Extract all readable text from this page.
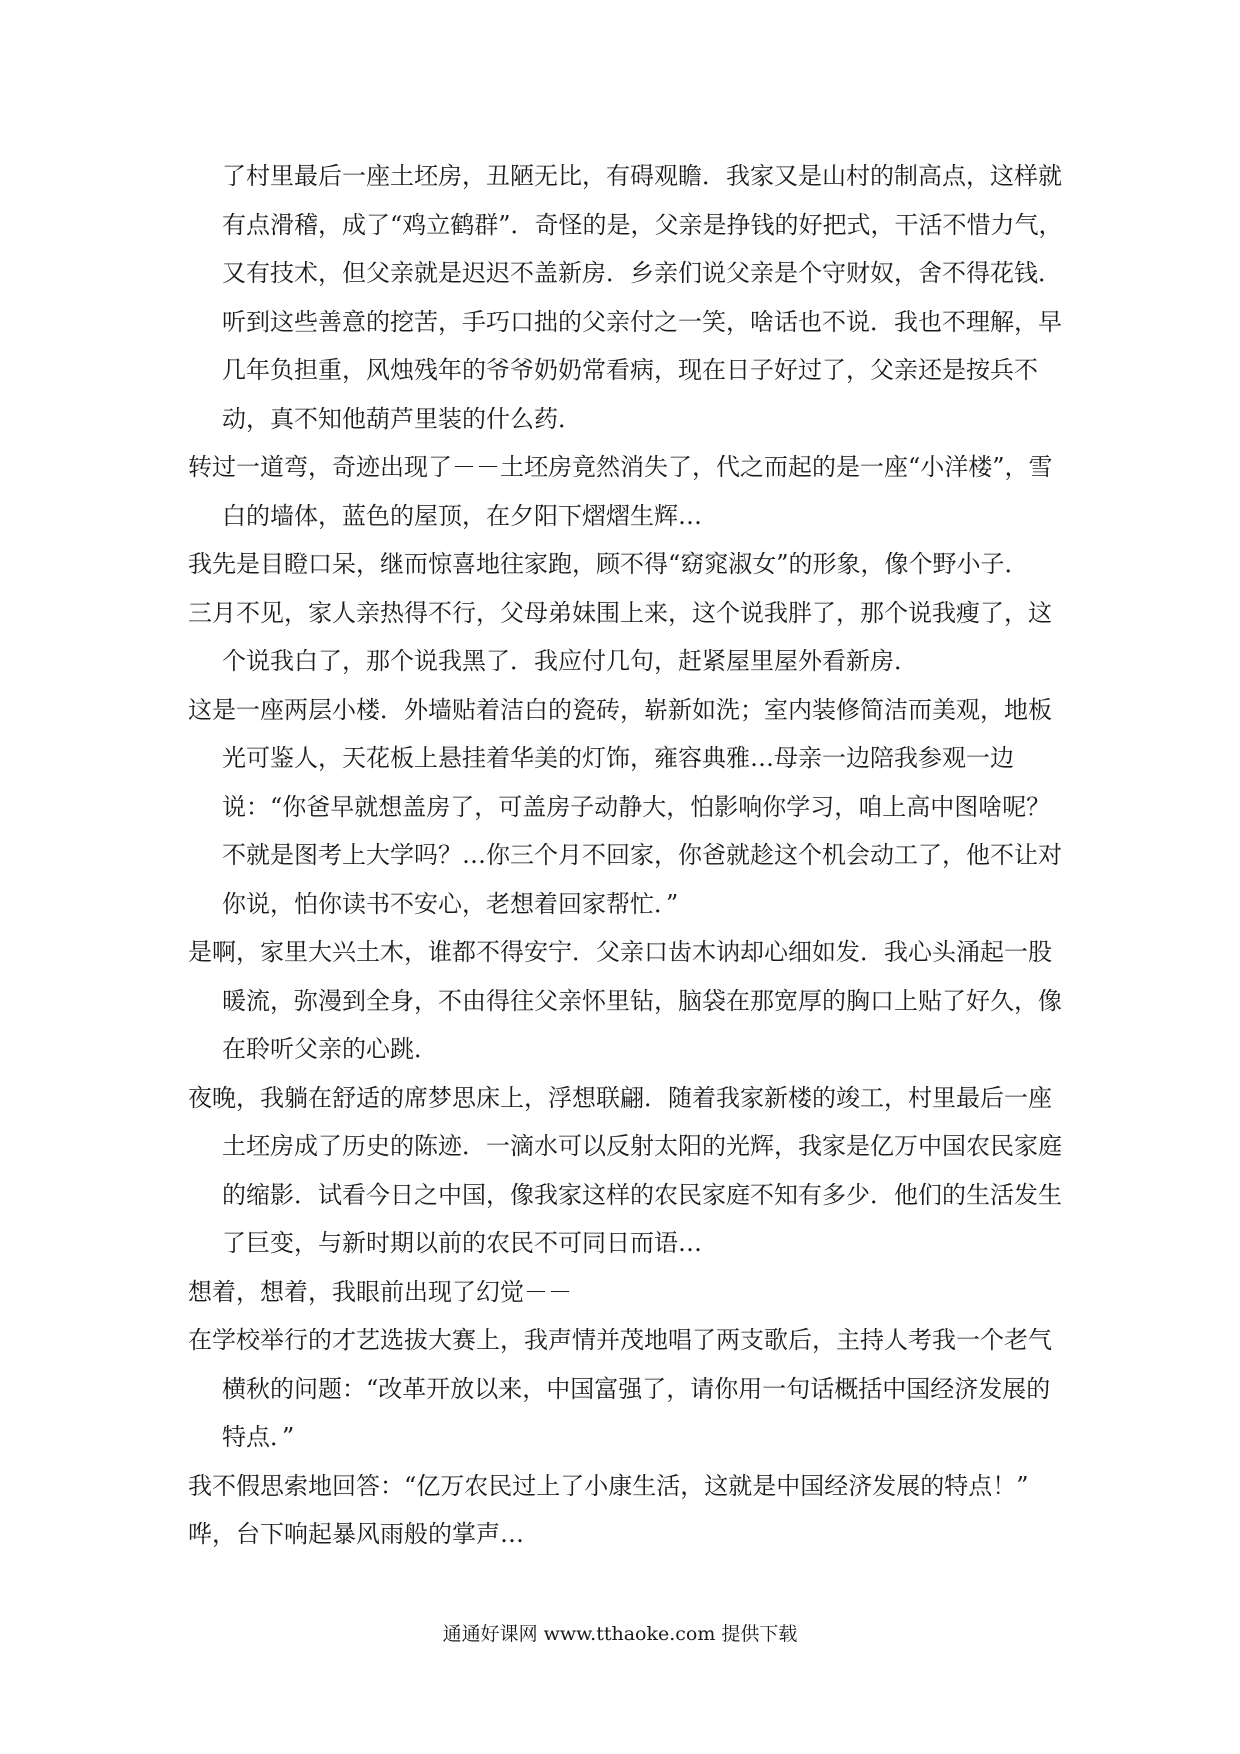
了村里最后一座土坯房，丑陋无比，有碍观瞻．我家又是山村的制高点，这样就有点滑稽，成了“鸡立鹤群”．奇怪的是，父亲是挣钱的好把式，干活不惜力气，又有技术，但父亲就是迟迟不盖新房．乡亲们说父亲是个守财奴，舍不得花钱．听到这些善意的挖苦，手巧口拙的父亲付之一笑，啥话也不说．我也不理解，早几年负担重，风烛残年的爷爷奶奶常看病，现在日子好过了，父亲还是按兵不动，真不知他葫芦里装的什么药．

转过一道弯，奇迹出现了－－土坯房竟然消失了，代之而起的是一座“小洋楼”，雪白的墙体，蓝色的屋顶，在夕阳下熠熠生辉…

我先是目瞪口呆，继而惊喜地往家跑，顾不得“窈窕淑女”的形象，像个野小子．

三月不见，家人亲热得不行，父母弟妹围上来，这个说我胖了，那个说我瘦了，这个说我白了，那个说我黑了．我应付几句，赶紧屋里屋外看新房．

这是一座两层小楼．外墙贴着洁白的瓷砖，崭新如洗；室内装修简洁而美观，地板光可鉴人，天花板上悬挂着华美的灯饰，雍容典雅…母亲一边陪我参观一边说：“你爸早就想盖房了，可盖房子动静大，怕影响你学习，咱上高中图啥呢？不就是图考上大学吗？…你三个月不回家，你爸就趁这个机会动工了，他不让对你说，怕你读书不安心，老想着回家帮忙．”

是啊，家里大兴土木，谁都不得安宁．父亲口齿木讷却心细如发．我心头涌起一股暖流，弥漫到全身，不由得往父亲怀里钻，脑袋在那宽厚的胸口上贴了好久，像在聆听父亲的心跳．

夜晚，我躺在舒适的席梦思床上，浮想联翩．随着我家新楼的竣工，村里最后一座土坯房成了历史的陈迹．一滴水可以反射太阳的光辉，我家是亿万中国农民家庭的缩影．试看今日之中国，像我家这样的农民家庭不知有多少．他们的生活发生了巨变，与新时期以前的农民不可同日而语…

想着，想着，我眼前出现了幻觉－－

在学校举行的才艺选拔大赛上，我声情并茂地唱了两支歌后，主持人考我一个老气横秋的问题：“改革开放以来，中国富强了，请你用一句话概括中国经济发展的特点．”

我不假思索地回答：“亿万农民过上了小康生活，这就是中国经济发展的特点！”

哗，台下响起暴风雨般的掌声…

通通好课网 www.tthaoke.com 提供下载
